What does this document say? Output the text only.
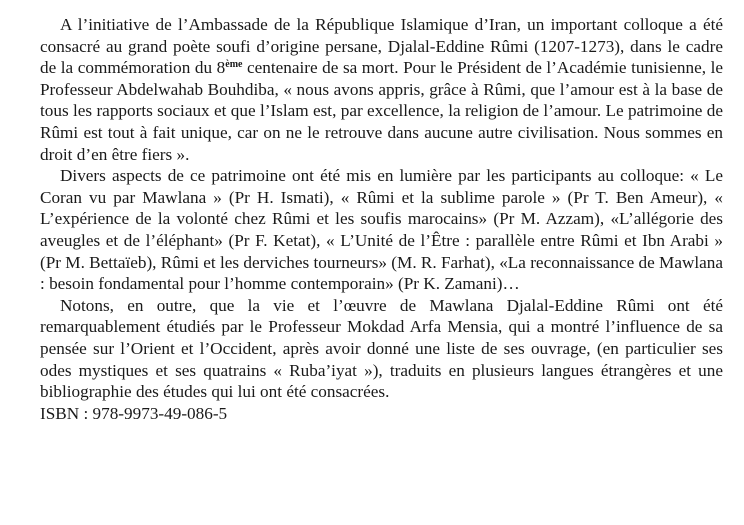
A l’initiative de l’Ambassade de la République Islamique d’Iran, un important colloque a été consacré au grand poète soufi d’origine persane, Djalal-Eddine Rûmi (1207-1273), dans le cadre de la commémoration du 8ème centenaire de sa mort. Pour le Président de l’Académie tunisienne, le Professeur Abdelwahab Bouhdiba, « nous avons appris, grâce à Rûmi, que l’amour est à la base de tous les rapports sociaux et que l’Islam est, par excellence, la religion de l’amour. Le patrimoine de Rûmi est tout à fait unique, car on ne le retrouve dans aucune autre civilisation. Nous sommes en droit d’en être fiers ».

Divers aspects de ce patrimoine ont été mis en lumière par les participants au colloque: « Le Coran vu par Mawlana » (Pr H. Ismati), « Rûmi et la sublime parole » (Pr T. Ben Ameur), « L’expérience de la volonté chez Rûmi et les soufis marocains» (Pr M. Azzam), «L’allégorie des aveugles et de l’éléphant» (Pr F. Ketat), « L’Unité de l’Être : parallèle entre Rûmi et Ibn Arabi » (Pr M. Bettaïeb), Rûmi et les derviches tourneurs» (M. R. Farhat), «La reconnaissance de Mawlana : besoin fondamental pour l’homme contemporain» (Pr K. Zamani)…

Notons, en outre, que la vie et l’œuvre de Mawlana Djalal-Eddine Rûmi ont été remarquablement étudiés par le Professeur Mokdad Arfa Mensia, qui a montré l’influence de sa pensée sur l’Orient et l’Occident, après avoir donné une liste de ses ouvrage, (en particulier ses odes mystiques et ses quatrains « Ruba’iyat »), traduits en plusieurs langues étrangères et une bibliographie des études qui lui ont été consacrées.

ISBN : 978-9973-49-086-5
